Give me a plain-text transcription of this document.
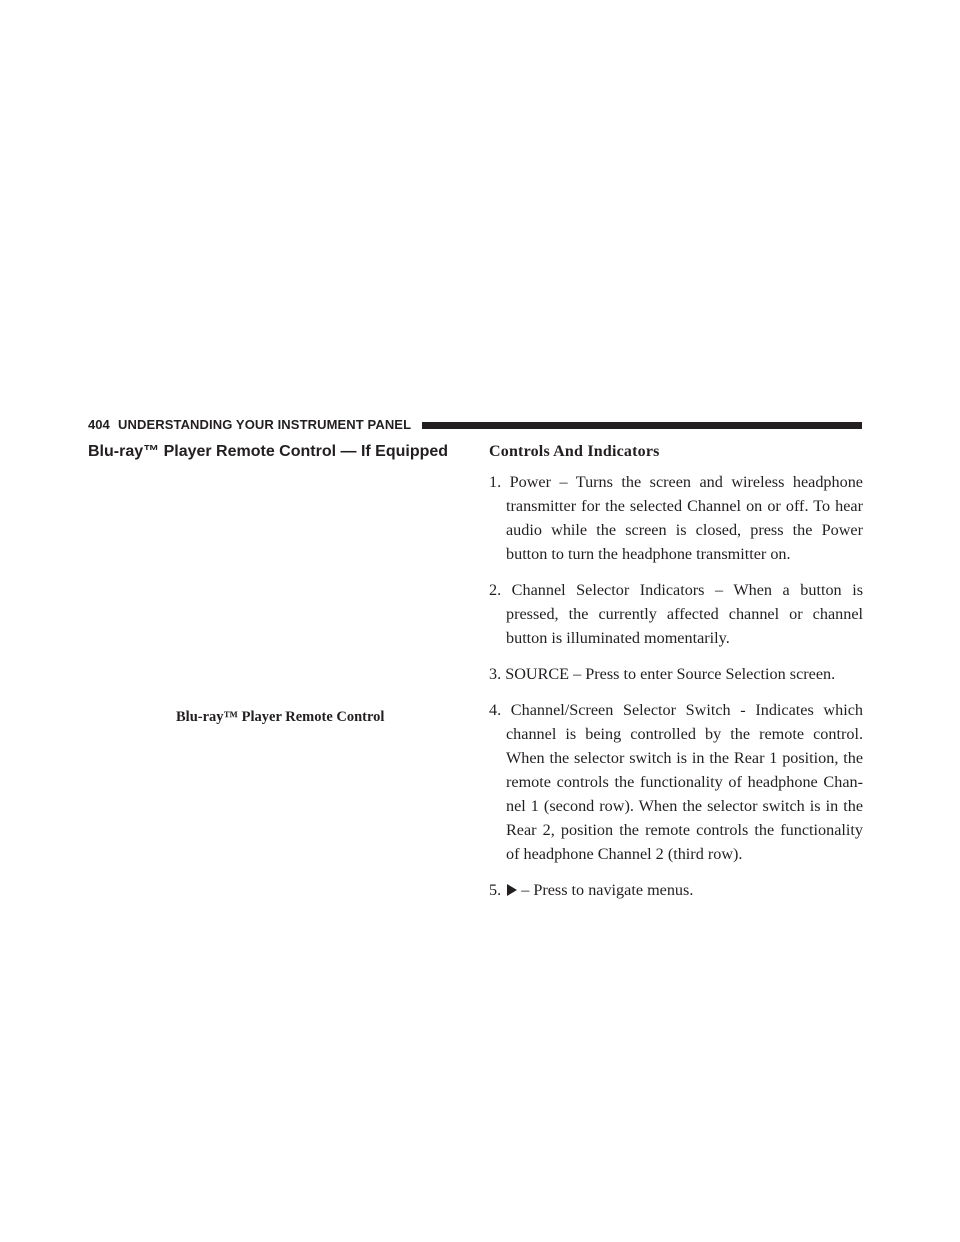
404 UNDERSTANDING YOUR INSTRUMENT PANEL
Blu-ray™ Player Remote Control — If Equipped
Blu-ray™ Player Remote Control
Controls And Indicators
1. Power – Turns the screen and wireless headphone transmitter for the selected Channel on or off. To hear audio while the screen is closed, press the Power button to turn the headphone transmitter on.
2. Channel Selector Indicators – When a button is pressed, the currently affected channel or channel button is illuminated momentarily.
3. SOURCE – Press to enter Source Selection screen.
4. Channel/Screen Selector Switch - Indicates which channel is being controlled by the remote control. When the selector switch is in the Rear 1 position, the remote controls the functionality of headphone Chan-nel 1 (second row). When the selector switch is in the Rear 2, position the remote controls the functionality of headphone Channel 2 (third row).
5. – Press to navigate menus.
